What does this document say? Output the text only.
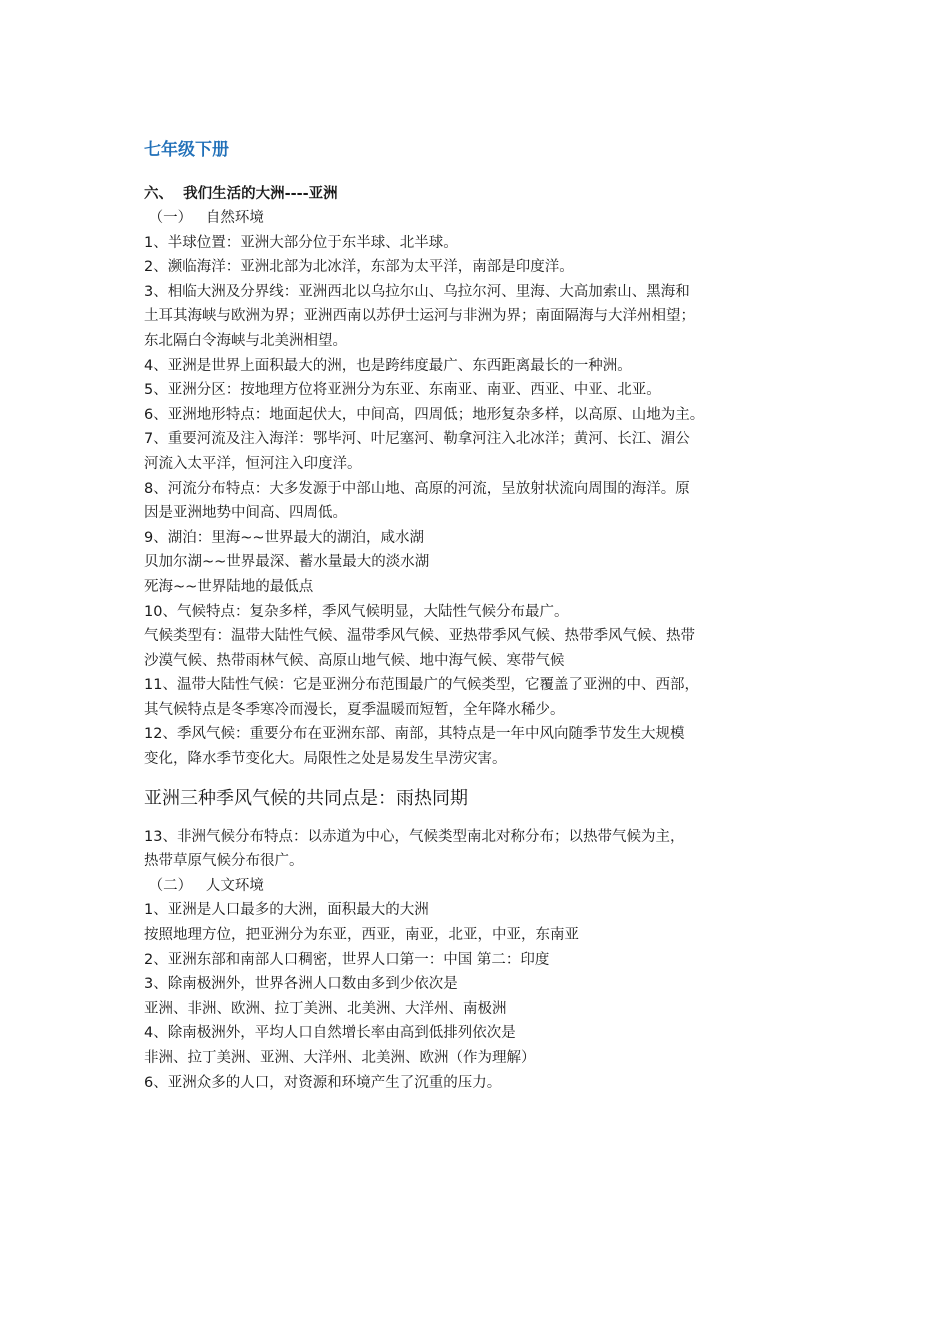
七年级下册
六、  我们生活的大洲----亚洲
（一）   自然环境
1、半球位置：亚洲大部分位于东半球、北半球。
2、濒临海洋：亚洲北部为北冰洋，东部为太平洋，南部是印度洋。
3、相临大洲及分界线：亚洲西北以乌拉尔山、乌拉尔河、里海、大高加索山、黑海和
土耳其海峡与欧洲为界；亚洲西南以苏伊士运河与非洲为界；南面隔海与大洋州相望；
东北隔白令海峡与北美洲相望。
4、亚洲是世界上面积最大的洲，也是跨纬度最广、东西距离最长的一种洲。
5、亚洲分区：按地理方位将亚洲分为东亚、东南亚、南亚、西亚、中亚、北亚。
6、亚洲地形特点：地面起伏大，中间高，四周低；地形复杂多样，以高原、山地为主。
7、重要河流及注入海洋：鄂毕河、叶尼塞河、勒拿河注入北冰洋；黄河、长江、湄公
河流入太平洋，恒河注入印度洋。
8、河流分布特点：大多发源于中部山地、高原的河流，呈放射状流向周围的海洋。原
因是亚洲地势中间高、四周低。
9、湖泊：里海~~世界最大的湖泊，咸水湖
贝加尔湖~~世界最深、蓄水量最大的淡水湖
死海~~世界陆地的最低点
10、气候特点：复杂多样，季风气候明显，大陆性气候分布最广。
气候类型有：温带大陆性气候、温带季风气候、亚热带季风气候、热带季风气候、热带
沙漠气候、热带雨林气候、高原山地气候、地中海气候、寒带气候
11、温带大陆性气候：它是亚洲分布范围最广的气候类型，它覆盖了亚洲的中、西部，
其气候特点是冬季寒冷而漫长，夏季温暖而短暂，全年降水稀少。
12、季风气候：重要分布在亚洲东部、南部，其特点是一年中风向随季节发生大规模
变化，降水季节变化大。局限性之处是易发生旱涝灾害。
亚洲三种季风气候的共同点是：雨热同期
13、非洲气候分布特点：以赤道为中心，气候类型南北对称分布；以热带气候为主，
热带草原气候分布很广。
（二）   人文环境
1、亚洲是人口最多的大洲，面积最大的大洲
按照地理方位，把亚洲分为东亚，西亚，南亚，北亚，中亚，东南亚
2、亚洲东部和南部人口稠密，世界人口第一：中国 第二：印度
3、除南极洲外，世界各洲人口数由多到少依次是
亚洲、非洲、欧洲、拉丁美洲、北美洲、大洋州、南极洲
4、除南极洲外，平均人口自然增长率由高到低排列依次是
非洲、拉丁美洲、亚洲、大洋州、北美洲、欧洲（作为理解）
6、亚洲众多的人口，对资源和环境产生了沉重的压力。
